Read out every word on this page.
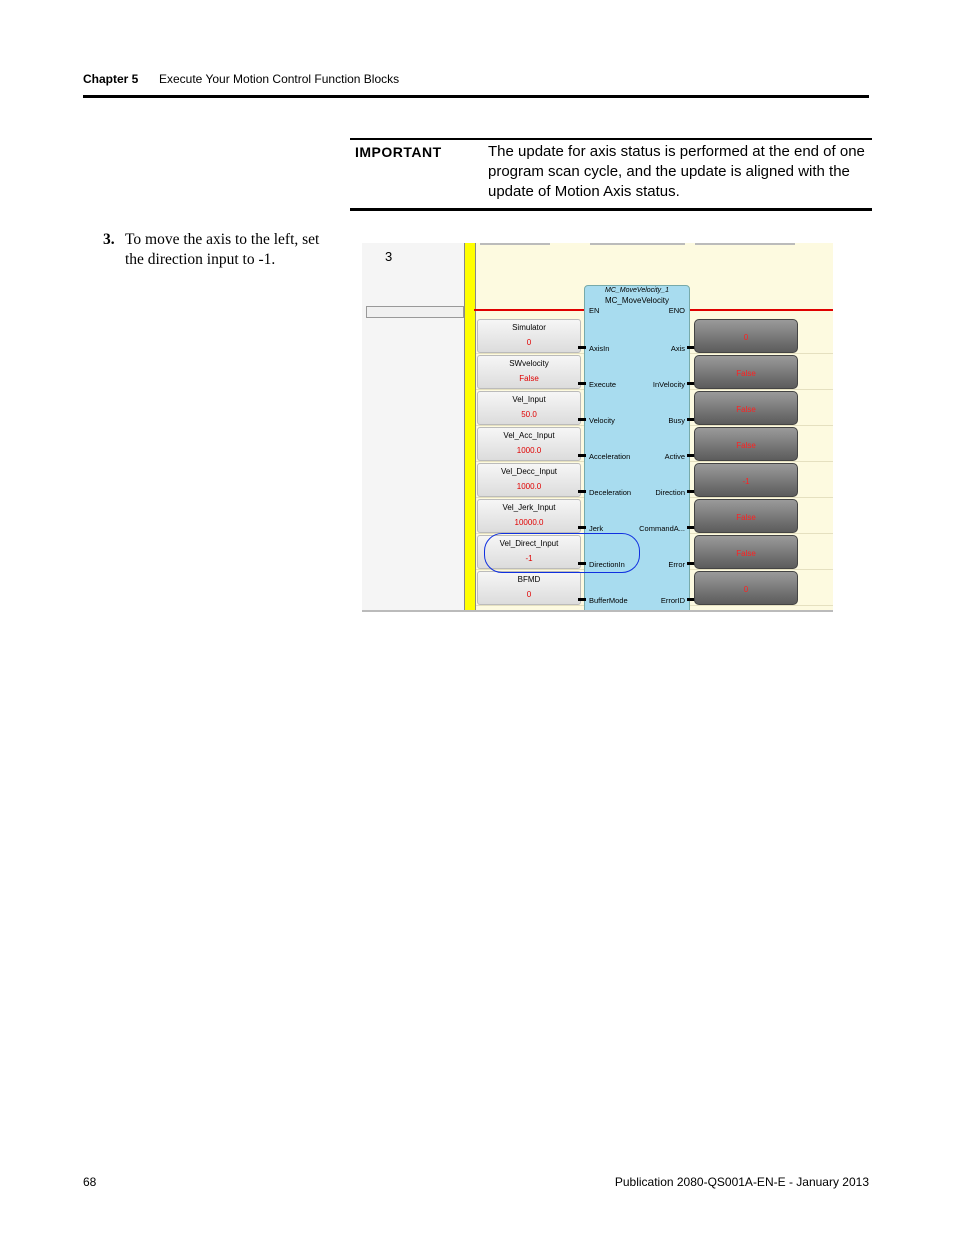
Chapter 5 Execute Your Motion Control Function Blocks
IMPORTANT	The update for axis status is performed at the end of one program scan cycle, and the update is aligned with the update of Motion Axis status.
3. To move the axis to the left, set the direction input to -1.	3
Simulator
0
SWvelocity
False
Vel_Input
50.0
Vel_Acc_Input
1000.0
Vel_Decc_Input
1000.0
Vel_Jerk_Input
10000.0
Vel_Direct_Input
-1
BFMD
0
MC_MoveVelocity_1
MC_MoveVelocity
EN	ENO
AxisIn
Execute
Velocity
Acceleration
Deceleration
Jerk
DirectionIn
BufferMode
Axis
InVelocity
Busy
Active
Direction
CommandA...
Error
ErrorID
0
False
False
False
-1
False
False
0
68	Publication 2080-QS001A-EN-E - January 2013
